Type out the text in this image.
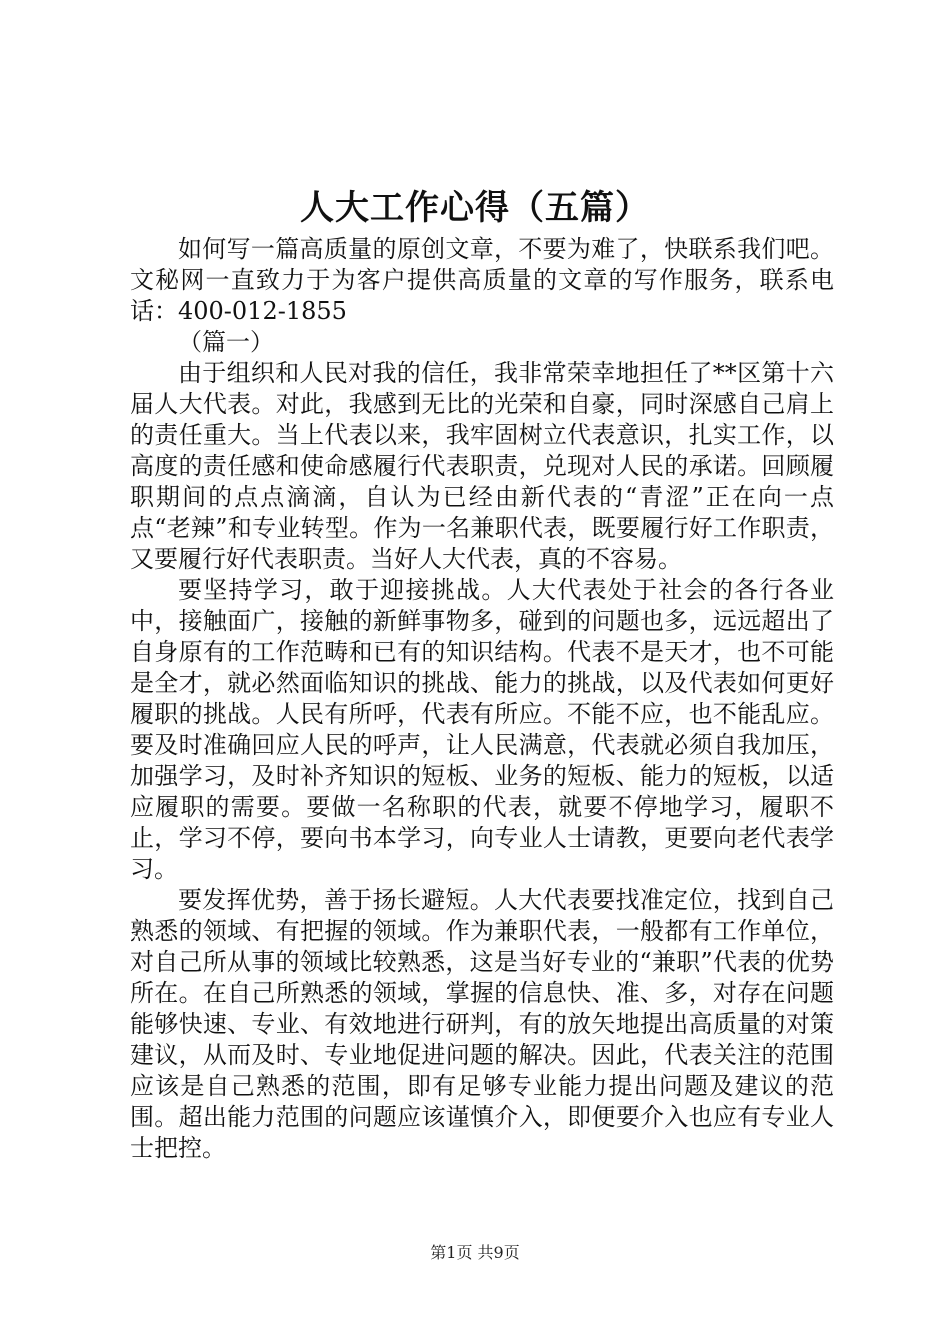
人大工作心得（五篇）

如何写一篇高质量的原创文章，不要为难了，快联系我们吧。文秘网一直致力于为客户提供高质量的文章的写作服务，联系电话：400-012-1855

（篇一）

由于组织和人民对我的信任，我非常荣幸地担任了**区第十六届人大代表。对此，我感到无比的光荣和自豪，同时深感自己肩上的责任重大。当上代表以来，我牢固树立代表意识，扎实工作，以高度的责任感和使命感履行代表职责，兑现对人民的承诺。回顾履职期间的点点滴滴，自认为已经由新代表的“青涩”正在向一点点“老辣”和专业转型。作为一名兼职代表，既要履行好工作职责，又要履行好代表职责。当好人大代表，真的不容易。

要坚持学习，敢于迎接挑战。人大代表处于社会的各行各业中，接触面广，接触的新鲜事物多，碰到的问题也多，远远超出了自身原有的工作范畴和已有的知识结构。代表不是天才，也不可能是全才，就必然面临知识的挑战、能力的挑战，以及代表如何更好履职的挑战。人民有所呼，代表有所应。不能不应，也不能乱应。要及时准确回应人民的呼声，让人民满意，代表就必须自我加压，加强学习，及时补齐知识的短板、业务的短板、能力的短板，以适应履职的需要。要做一名称职的代表，就要不停地学习，履职不止，学习不停，要向书本学习，向专业人士请教，更要向老代表学习。

要发挥优势，善于扬长避短。人大代表要找准定位，找到自己熟悉的领域、有把握的领域。作为兼职代表，一般都有工作单位，对自己所从事的领域比较熟悉，这是当好专业的“兼职”代表的优势所在。在自己所熟悉的领域，掌握的信息快、准、多，对存在问题能够快速、专业、有效地进行研判，有的放矢地提出高质量的对策建议，从而及时、专业地促进问题的解决。因此，代表关注的范围应该是自己熟悉的范围，即有足够专业能力提出问题及建议的范围。超出能力范围的问题应该谨慎介入，即便要介入也应有专业人士把控。

第1页 共9页
